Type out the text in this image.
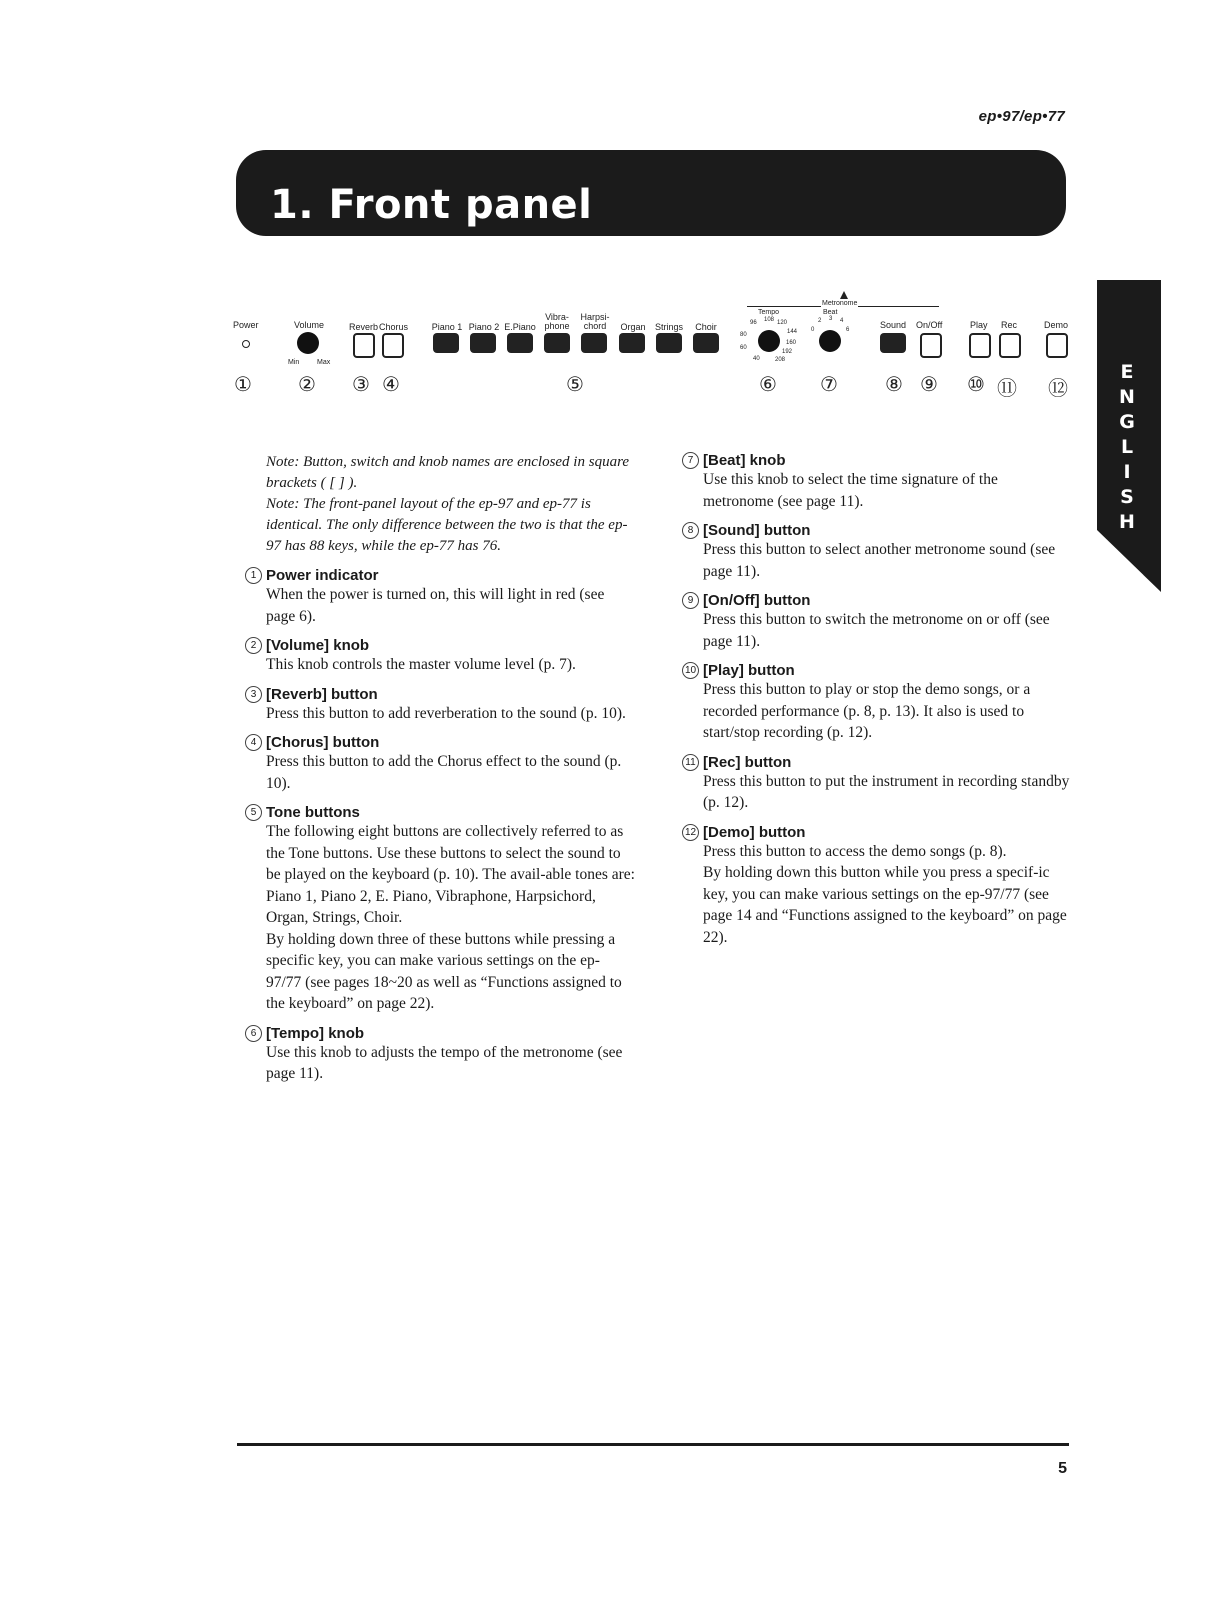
ep•97/ep•77
1. Front panel
E
N
G
L
I
S
H
Power	Volume
Min	Max
Reverb Chorus	Piano 1 Piano 2 E.Piano
Vibra-
phone
Harpsi-
chord	Organ	Strings	Choir
Metronome
Tempo	Beat
40
60
80
96 108 120
144
160
192
208
0
2 3 4
6	Sound On/Off	Play Rec	Demo
① ② ③ ④	⑤	⑥ ⑦ ⑧ ⑨ ⑩ ⑪ ⑫

Note: Button, switch and knob names are enclosed in square brackets ( [ ] ).

Note: The front-panel layout of the ep-97 and ep-77 is identical. The only difference between the two is that the ep-97 has 88 keys, while the ep-77 has 76.

1 Power indicator

When the power is turned on, this will light in red (see page 6).

2 [Volume] knob

This knob controls the master volume level (p. 7).

3 [Reverb] button

Press this button to add reverberation to the sound (p. 10).

4 [Chorus] button

Press this button to add the Chorus effect to the sound (p. 10).

5 Tone buttons

The following eight buttons are collectively referred to as the Tone buttons. Use these buttons to select the sound to be played on the keyboard (p. 10). The avail-able tones are: Piano 1, Piano 2, E. Piano, Vibraphone, Harpsichord, Organ, Strings, Choir.

By holding down three of these buttons while pressing a specific key, you can make various settings on the ep-97/77 (see pages 18~20 as well as “Functions assigned to the keyboard” on page 22).

6 [Tempo] knob

Use this knob to adjusts the tempo of the metronome (see page 11).

7 [Beat] knob

Use this knob to select the time signature of the metronome (see page 11).

8 [Sound] button

Press this button to select another metronome sound (see page 11).

9 [On/Off] button

Press this button to switch the metronome on or off (see page 11).

10 [Play] button

Press this button to play or stop the demo songs, or a recorded performance (p. 8, p. 13). It also is used to start/stop recording (p. 12).

11 [Rec] button

Press this button to put the instrument in recording standby (p. 12).

12 [Demo] button

Press this button to access the demo songs (p. 8).

By holding down this button while you press a specif-ic key, you can make various settings on the ep-97/77 (see page 14 and “Functions assigned to the keyboard” on page 22).

5
